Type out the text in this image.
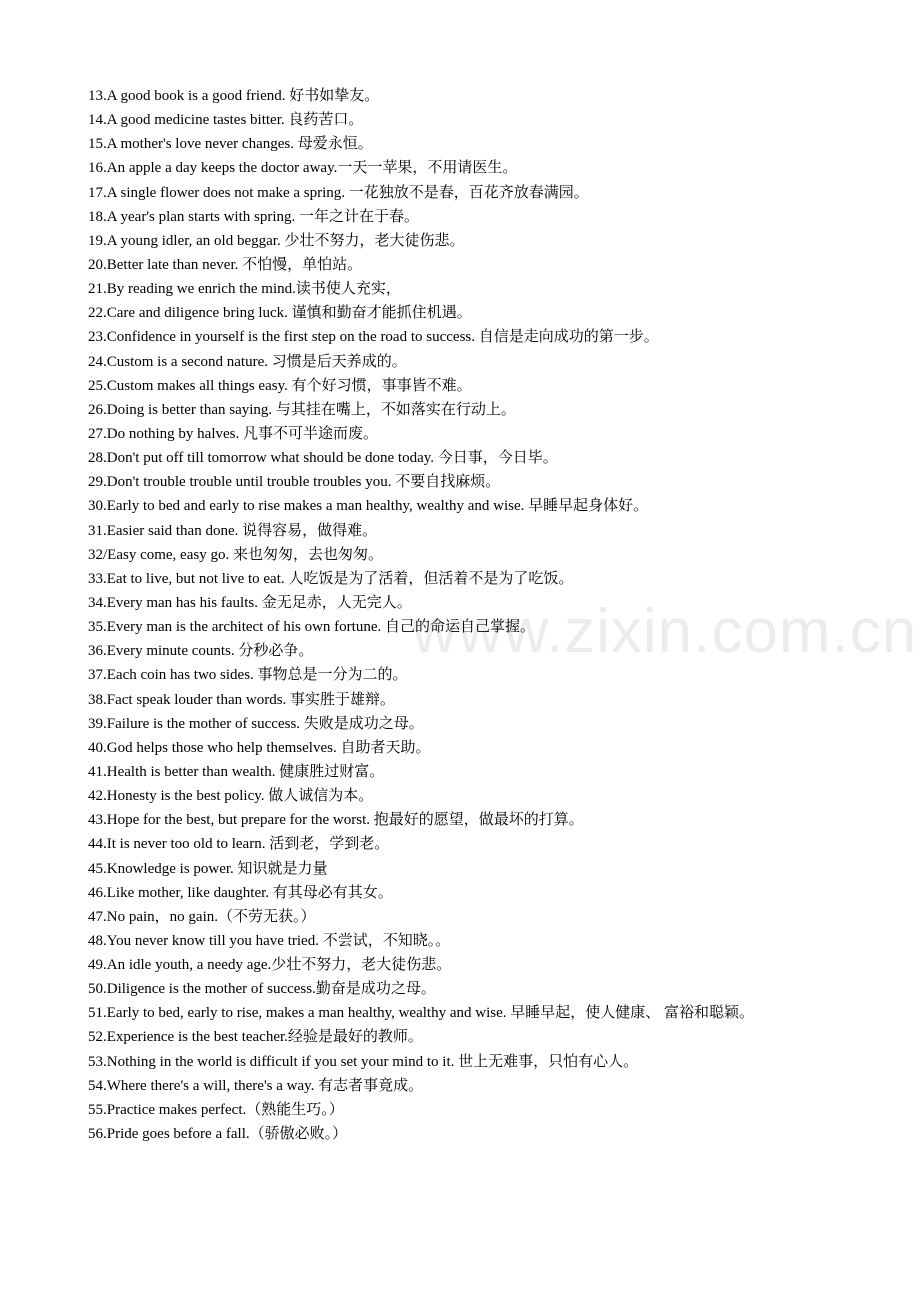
www.zixin.com.cn
13.A good book is a good friend. 好书如挚友。
14.A good medicine tastes bitter. 良药苦口。
15.A mother's love never changes. 母爱永恒。
16.An apple a day keeps the doctor away.一天一苹果，不用请医生。
17.A single flower does not make a spring. 一花独放不是春，百花齐放春满园。
18.A year's plan starts with spring. 一年之计在于春。
19.A young idler, an old beggar. 少壮不努力，老大徒伤悲。
20.Better late than never. 不怕慢，单怕站。
21.By reading we enrich the mind.读书使人充实，
22.Care and diligence bring luck. 谨慎和勤奋才能抓住机遇。
23.Confidence in yourself is the first step on the road to success. 自信是走向成功的第一步。
24.Custom is a second nature. 习惯是后天养成的。
25.Custom makes all things easy. 有个好习惯，事事皆不难。
26.Doing is better than saying. 与其挂在嘴上，不如落实在行动上。
27.Do nothing by halves. 凡事不可半途而废。
28.Don't put off till tomorrow what should be done today. 今日事，今日毕。
29.Don't trouble trouble until trouble troubles you. 不要自找麻烦。
30.Early to bed and early to rise makes a man healthy, wealthy and wise. 早睡早起身体好。
31.Easier said than done. 说得容易，做得难。
32/Easy come, easy go. 来也匆匆，去也匆匆。
33.Eat to live, but not live to eat. 人吃饭是为了活着，但活着不是为了吃饭。
34.Every man has his faults. 金无足赤，人无完人。
35.Every man is the architect of his own fortune. 自己的命运自己掌握。
36.Every minute counts. 分秒必争。
37.Each coin has two sides. 事物总是一分为二的。
38.Fact speak louder than words. 事实胜于雄辩。
39.Failure is the mother of success. 失败是成功之母。
40.God helps those who help themselves. 自助者天助。
41.Health is better than wealth. 健康胜过财富。
42.Honesty is the best policy. 做人诚信为本。
43.Hope for the best, but prepare for the worst. 抱最好的愿望，做最坏的打算。
44.It is never too old to learn. 活到老，学到老。
45.Knowledge is power. 知识就是力量
46.Like mother, like daughter. 有其母必有其女。
47.No pain，no gain.（不劳无获。）
48.You never know till you have tried. 不尝试，不知晓。。
49.An idle youth, a needy age.少壮不努力，老大徒伤悲。
50.Diligence is the mother of success.勤奋是成功之母。
51.Early to bed, early to rise, makes a man healthy, wealthy and wise. 早睡早起，使人健康、 富裕和聪颖。
52.Experience is the best teacher.经验是最好的教师。
53.Nothing in the world is difficult if you set your mind to it. 世上无难事，只怕有心人。
54.Where there's a will, there's a way. 有志者事竟成。
55.Practice makes perfect.（熟能生巧。）
56.Pride goes before a fall.（骄傲必败。）
